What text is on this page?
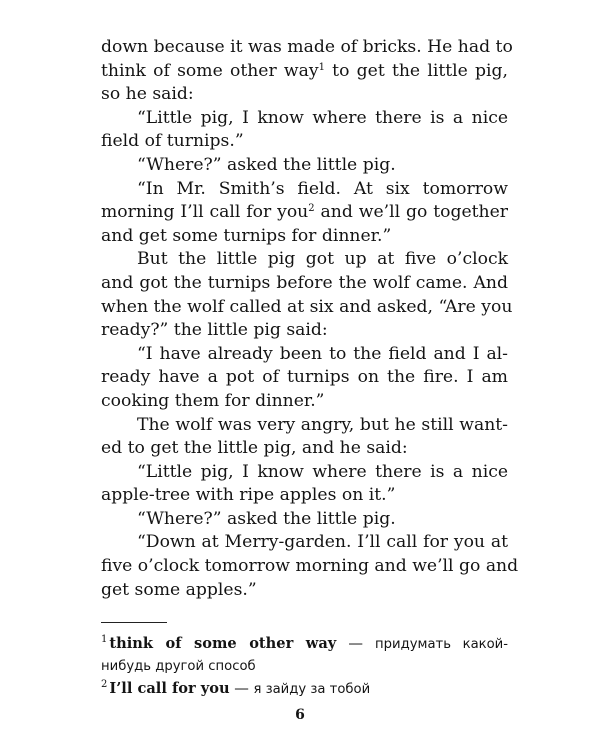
down because it was made of bricks. He had to
think of some other way$^1$ to get the little pig,
so he said:
“Little pig, I know where there is a nice
field of turnips.”
“Where?” asked the little pig.
“In Mr. Smith’s field. At six tomorrow
morning I’ll call for you$^2$ and we’ll go together
and get some turnips for dinner.”
But the little pig got up at five o’clock
and got the turnips before the wolf came. And
when the wolf called at six and asked, “Are you
ready?” the little pig said:
“I have already been to the field and I al-
ready have a pot of turnips on the fire. I am
cooking them for dinner.”
The wolf was very angry, but he still want-
ed to get the little pig, and he said:
“Little pig, I know where there is a nice
apple-tree with ripe apples on it.”
“Where?” asked the little pig.
“Down at Merry-garden. I’ll call for you at
five o’clock tomorrow morning and we’ll go and
get some apples.”
$^1$ think of some other way — придумать какой-
нибудь другой способ
$^2$ I’ll call for you — я зайду за тобой
6
